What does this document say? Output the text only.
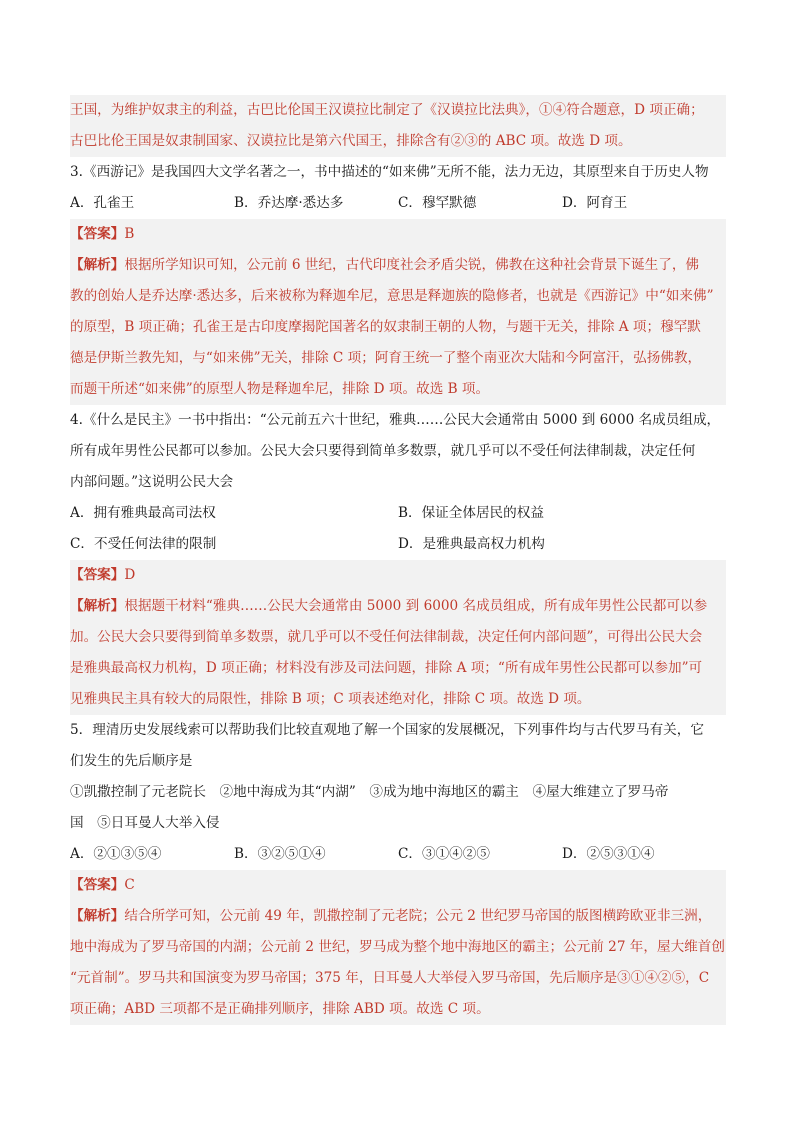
王国，为维护奴隶主的利益，古巴比伦国王汉谟拉比制定了《汉谟拉比法典》，①④符合题意，D 项正确；
古巴比伦王国是奴隶制国家、汉谟拉比是第六代国王，排除含有②③的 ABC 项。故选 D 项。
3.《西游记》是我国四大文学名著之一，书中描述的“如来佛”无所不能，法力无边，其原型来自于历史人物
A．孔雀王	B．乔达摩·悉达多	C．穆罕默德	D．阿育王
【答案】B
【解析】根据所学知识可知，公元前 6 世纪，古代印度社会矛盾尖锐，佛教在这种社会背景下诞生了，佛
教的创始人是乔达摩·悉达多，后来被称为释迦牟尼，意思是释迦族的隐修者，也就是《西游记》中“如来佛”
的原型，B 项正确；孔雀王是古印度摩揭陀国著名的奴隶制王朝的人物，与题干无关，排除 A 项；穆罕默
德是伊斯兰教先知，与“如来佛”无关，排除 C 项；阿育王统一了整个南亚次大陆和今阿富汗，弘扬佛教，
而题干所述“如来佛”的原型人物是释迦牟尼，排除 D 项。故选 B 项。
4.《什么是民主》一书中指出：“公元前五六十世纪，雅典……公民大会通常由 5000 到 6000 名成员组成，
所有成年男性公民都可以参加。公民大会只要得到简单多数票，就几乎可以不受任何法律制裁，决定任何
内部问题。”这说明公民大会
A．拥有雅典最高司法权	B．保证全体居民的权益
C．不受任何法律的限制	D．是雅典最高权力机构
【答案】D
【解析】根据题干材料“雅典……公民大会通常由 5000 到 6000 名成员组成，所有成年男性公民都可以参
加。公民大会只要得到简单多数票，就几乎可以不受任何法律制裁，决定任何内部问题”，可得出公民大会
是雅典最高权力机构，D 项正确；材料没有涉及司法问题，排除 A 项；“所有成年男性公民都可以参加”可
见雅典民主具有较大的局限性，排除 B 项；C 项表述绝对化，排除 C 项。故选 D 项。
5．理清历史发展线索可以帮助我们比较直观地了解一个国家的发展概况，下列事件均与古代罗马有关，它
们发生的先后顺序是
①凯撒控制了元老院长　②地中海成为其“内湖”　③成为地中海地区的霸主　④屋大维建立了罗马帝
国　⑤日耳曼人大举入侵
A．②①③⑤④	B．③②⑤①④	C．③①④②⑤	D．②⑤③①④
【答案】C
【解析】结合所学可知，公元前 49 年，凯撒控制了元老院；公元 2 世纪罗马帝国的版图横跨欧亚非三洲，
地中海成为了罗马帝国的内湖；公元前 2 世纪，罗马成为整个地中海地区的霸主；公元前 27 年，屋大维首创
“元首制”。罗马共和国演变为罗马帝国；375 年，日耳曼人大举侵入罗马帝国，先后顺序是③①④②⑤，C
项正确；ABD 三项都不是正确排列顺序，排除 ABD 项。故选 C 项。
